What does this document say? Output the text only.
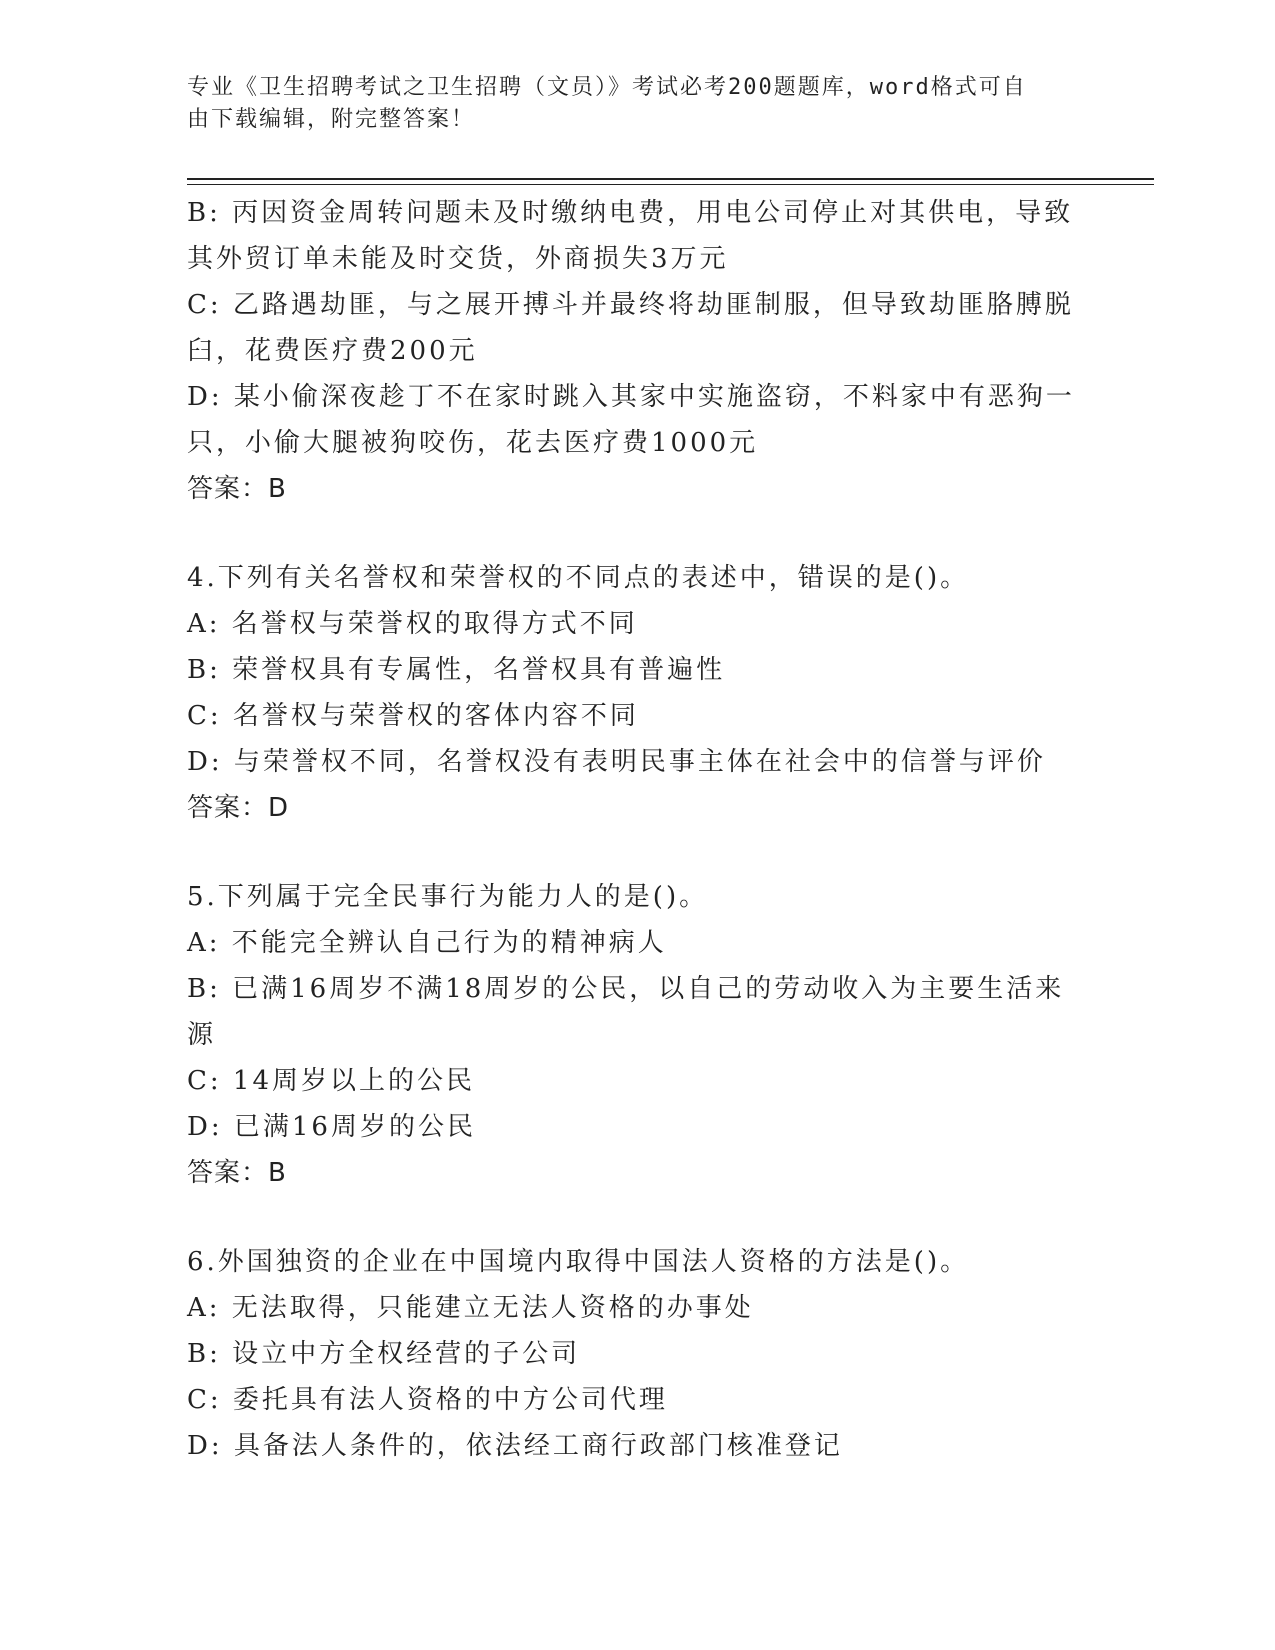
专业《卫生招聘考试之卫生招聘（文员）》考试必考200题题库，word格式可自
由下载编辑，附完整答案！
B: 丙因资金周转问题未及时缴纳电费，用电公司停止对其供电，导致
其外贸订单未能及时交货，外商损失3万元
C: 乙路遇劫匪，与之展开搏斗并最终将劫匪制服，但导致劫匪胳膊脱
臼，花费医疗费200元
D: 某小偷深夜趁丁不在家时跳入其家中实施盗窃，不料家中有恶狗一
只，小偷大腿被狗咬伤，花去医疗费1000元
答案：B
4.下列有关名誉权和荣誉权的不同点的表述中，错误的是()。
A: 名誉权与荣誉权的取得方式不同
B: 荣誉权具有专属性，名誉权具有普遍性
C: 名誉权与荣誉权的客体内容不同
D: 与荣誉权不同，名誉权没有表明民事主体在社会中的信誉与评价
答案：D
5.下列属于完全民事行为能力人的是()。
A: 不能完全辨认自己行为的精神病人
B: 已满16周岁不满18周岁的公民，以自己的劳动收入为主要生活来
源
C: 14周岁以上的公民
D: 已满16周岁的公民
答案：B
6.外国独资的企业在中国境内取得中国法人资格的方法是()。
A: 无法取得，只能建立无法人资格的办事处
B: 设立中方全权经营的子公司
C: 委托具有法人资格的中方公司代理
D: 具备法人条件的，依法经工商行政部门核准登记
